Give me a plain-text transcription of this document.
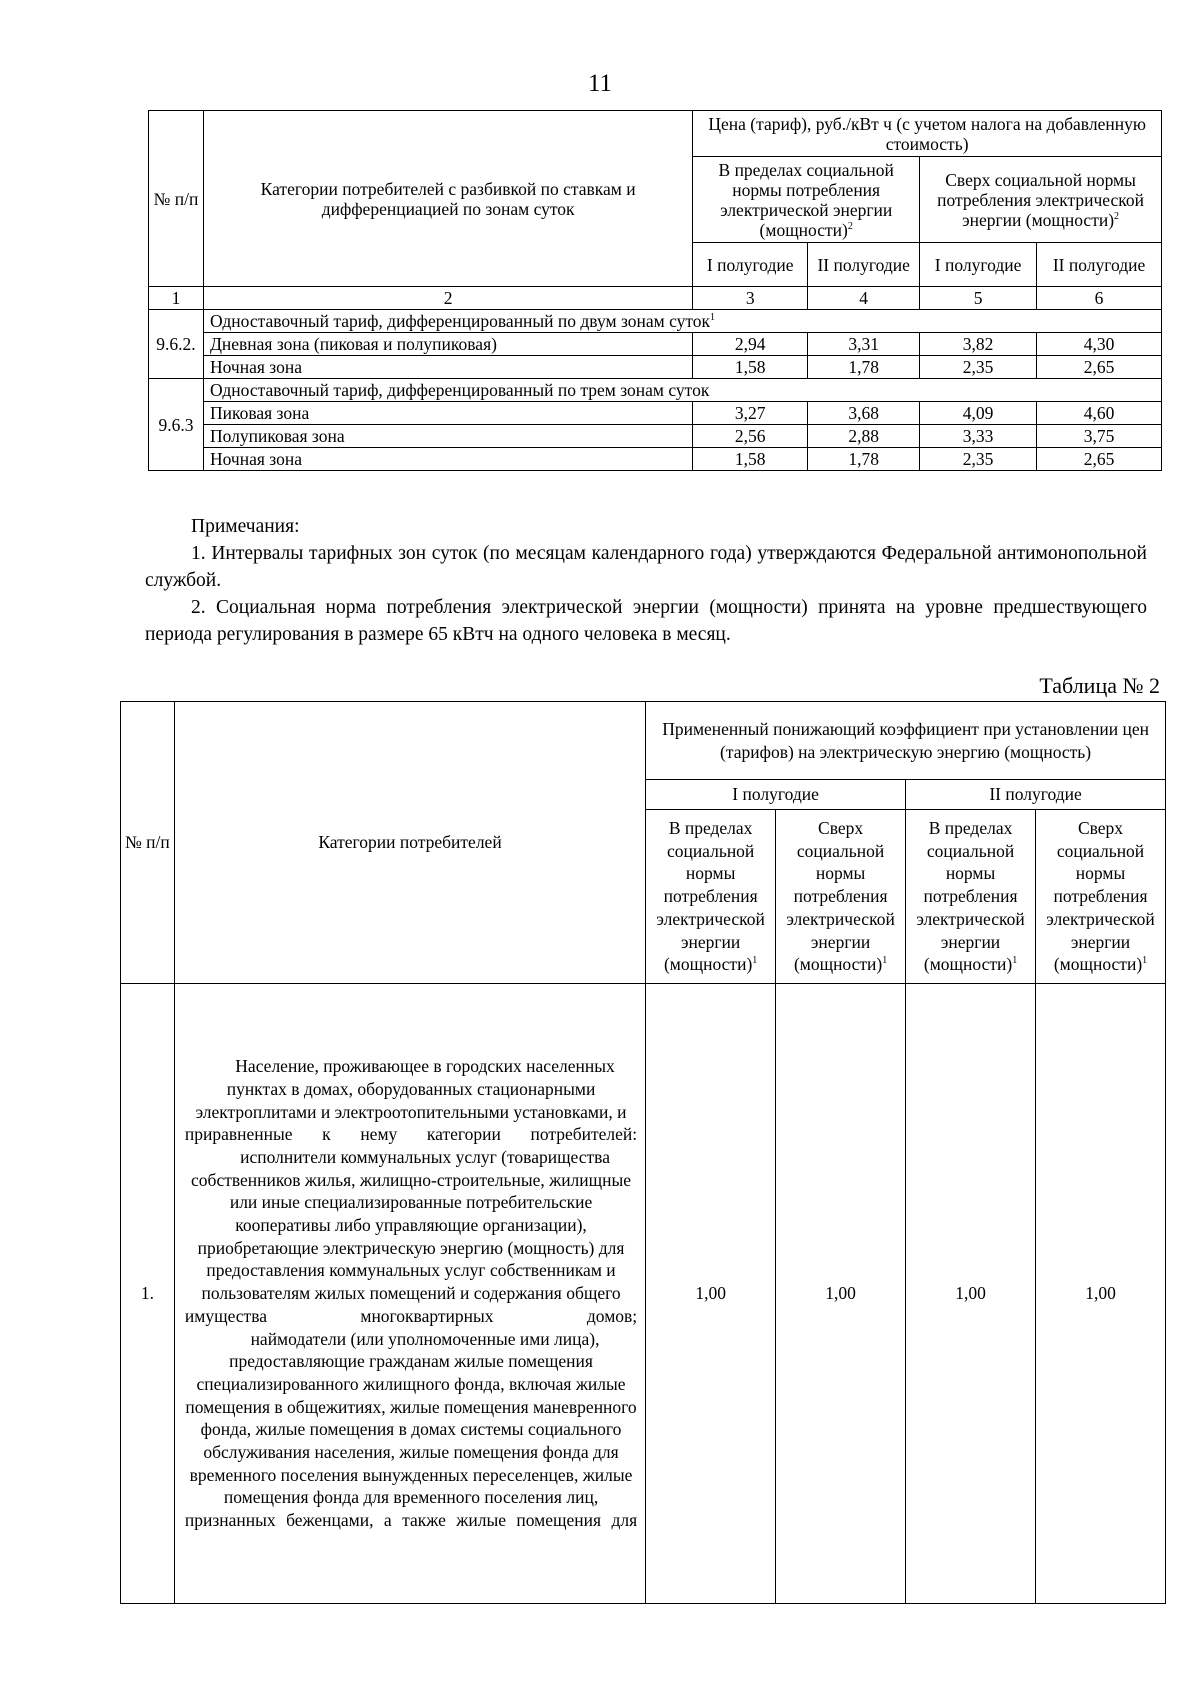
11
№ п/п	Категории потребителей с разбивкой по ставкам и дифференциацией по зонам суток	Цена (тариф), руб./кВт ч (с учетом налога на добавленную стоимость)			
		В пределах социальной нормы потребления электрической энергии (мощности)$^2$		Сверх социальной нормы потребления электрической энергии (мощности)$^2$
		I полугодие	II полугодие	I полугодие	II полугодие
1	2	3	4	5	6
9.6.2.	Одноставочный тариф, дифференцированный по двум зонам суток$^1$
	Дневная зона (пиковая и полупиковая)	2,94	3,31	3,82	4,30
	Ночная зона	1,58	1,78	2,35	2,65
9.6.3	Одноставочный тариф, дифференцированный по трем зонам суток				
	Пиковая зона	3,27	3,68	4,09	4,60
	Полупиковая зона	2,56	2,88	3,33	3,75
	Ночная зона	1,58	1,78	2,35	2,65

Примечания:

1. Интервалы тарифных зон суток (по месяцам календарного года) утверждаются Федеральной антимонопольной службой.

2. Социальная норма потребления электрической энергии (мощности) принята на уровне предшествующего периода регулирования в размере 65 кВтч на одного человека в месяц.

Таблица № 2
№ п/п	Категории потребителей	Примененный понижающий коэффициент при установлении цен (тарифов) на электрическую энергию (мощность)			
		I полугодие		II полугодие	
		В пределах социальной нормы потребления электрической энергии (мощности)$^1$	Сверх социальной нормы потребления электрической энергии (мощности)$^1$	В пределах социальной нормы потребления электрической энергии (мощности)$^1$	Сверх социальной нормы потребления электрической энергии (мощности)$^1$
1.	Население, проживающее в городских населенных пунктах в домах, оборудованных стационарными электроплитами и электроотопительными установками, и приравненные к нему категории потребителей:

исполнители коммунальных услуг (товарищества собственников жилья, жилищно-строительные, жилищные или иные специализированные потребительские кооперативы либо управляющие организации), приобретающие электрическую энергию (мощность) для предоставления коммунальных услуг собственникам и пользователям жилых помещений и содержания общего имущества многоквартирных домов;

наймодатели (или уполномоченные ими лица), предоставляющие гражданам жилые помещения специализированного жилищного фонда, включая жилые помещения в общежитиях, жилые помещения маневренного фонда, жилые помещения в домах системы социального обслуживания населения, жилые помещения фонда для временного поселения вынужденных переселенцев, жилые помещения фонда для временного поселения лиц, признанных беженцами, а также жилые помещения для	1,00	1,00	1,00	1,00
